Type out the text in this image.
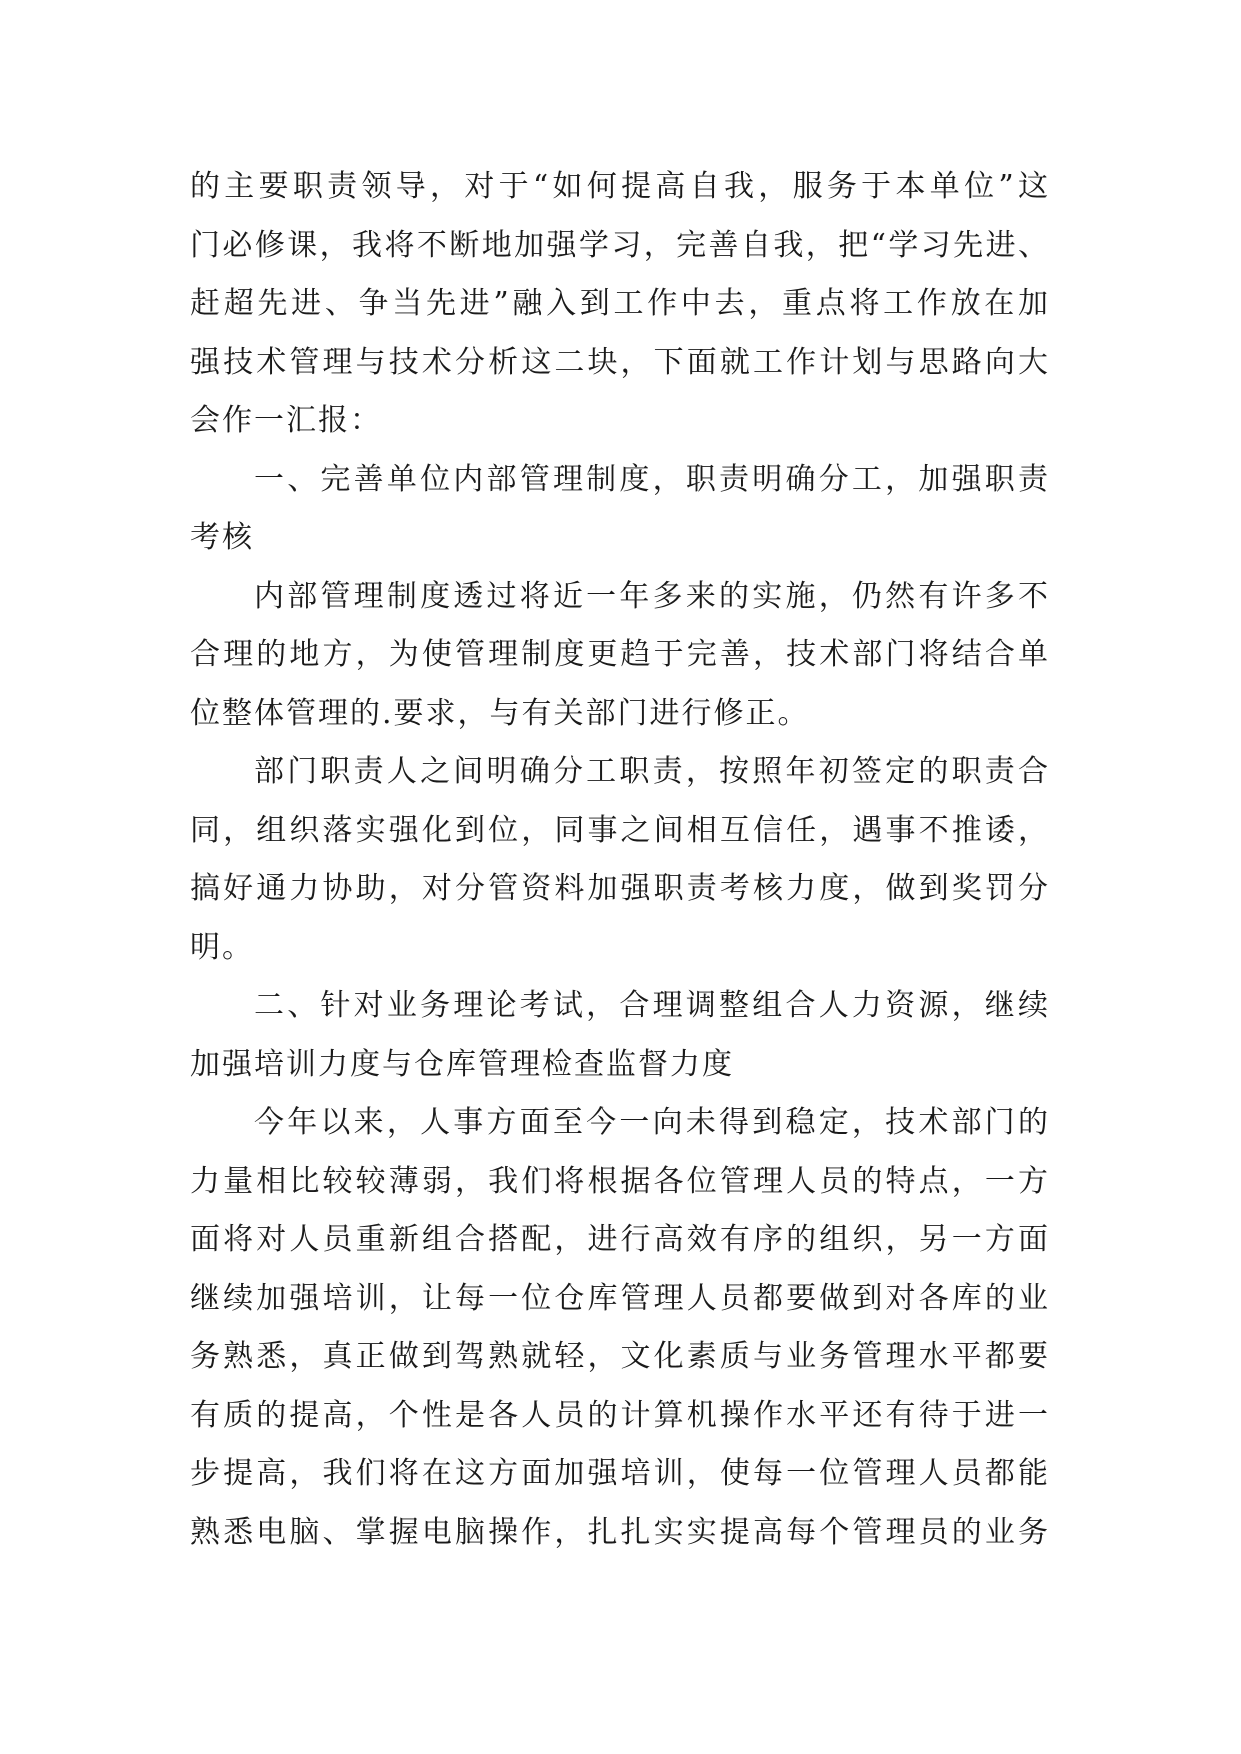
的主要职责领导，对于“如何提高自我，服务于本单位”这
门必修课，我将不断地加强学习，完善自我，把“学习先进、
赶超先进、争当先进”融入到工作中去，重点将工作放在加
强技术管理与技术分析这二块，下面就工作计划与思路向大
会作一汇报：
一、完善单位内部管理制度，职责明确分工，加强职责
考核
内部管理制度透过将近一年多来的实施，仍然有许多不
合理的地方，为使管理制度更趋于完善，技术部门将结合单
位整体管理的.要求，与有关部门进行修正。
部门职责人之间明确分工职责，按照年初签定的职责合
同，组织落实强化到位，同事之间相互信任，遇事不推诿，
搞好通力协助，对分管资料加强职责考核力度，做到奖罚分
明。
二、针对业务理论考试，合理调整组合人力资源，继续
加强培训力度与仓库管理检查监督力度
今年以来，人事方面至今一向未得到稳定，技术部门的
力量相比较较薄弱，我们将根据各位管理人员的特点，一方
面将对人员重新组合搭配，进行高效有序的组织，另一方面
继续加强培训，让每一位仓库管理人员都要做到对各库的业
务熟悉，真正做到驾熟就轻，文化素质与业务管理水平都要
有质的提高，个性是各人员的计算机操作水平还有待于进一
步提高，我们将在这方面加强培训，使每一位管理人员都能
熟悉电脑、掌握电脑操作，扎扎实实提高每个管理员的业务
